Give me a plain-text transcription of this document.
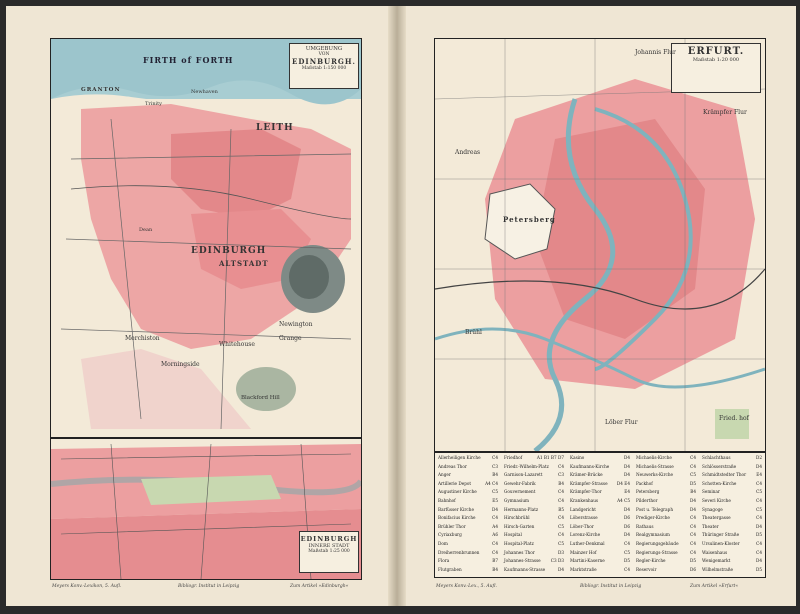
FIRTH of FORTH
UMGEBUNG
VON
EDINBURGH.
Maßstab 1:150 000
GRANTON	Newhaven
Trinity
LEITH
EDINBURGH
ALTSTADT
Dean
Newington
Merchiston
Whitehouse
Grange
Morningside
Blackford Hill
EDINBURGH
INNERE STADT
Maßstab 1:25 000
Meyers Konv.-Lexikon, 5. Aufl.	Bibliogr. Institut in Leipzig	Zum Artikel »Edinburgh«
ERFURT.
Maßstab 1:20 000
Petersberg
Andreas
Johannis Flur
Krämpfer Flur
Brühl
Löber Flur
Fried. hof
Allerheiligen Kirche	C4
Andreas Thor	C3
Anger	B4
Artillerie Depot	A4 C4
Augustiner Kirche	C5
Bahnhof	E5
Barfüsser Kirche	D4
Bonifacius Kirche	C4
Brühler Thor	A4
Cyriaxburg	A6
Dom	C4
Dreiherrenbrunnen	C4
Flora	B7
Flutgraben	B4
Friedhof	A1 B1 B7 D7
Friedr.-Wilhelm-Platz C4
Garnison-Lazarett	C3
Gewehr-Fabrik	B4
Gouvernement	C4
Gymnasium	C4
Hermanns-Platz	B5
Hirschbrühl	C4
Hirsch-Garten	C5
Hospital	C4
Hospital-Platz	C5
Johannes Thor	D3
Johannes-Strasse C3 D3
Kaufmanns-Strasse	D4
Kasino	D4
Kaufmanns-Kirche	D4
Krämer-Brücke	D4
Krämpfer-Strasse D4 E4
Krämpfer-Thor	E4
Krankenhaus	A4 C5
Landgericht	D4
Löberstrasse	D6
Löber-Thor	D6
Lorenz-Kirche	D4
Luther-Denkmal	C4
Mainzer Hof	C5
Martini-Kaserne	D5
Marktstraße	C4
Michaelis-Kirche	C4
Michaelis-Strasse	C4
Neuwerks-Kirche	C5
Packhof	D5
Petersberg	B4
Pilderthor	D4
Post u. Telegraph	D4
Prediger-Kirche	C4
Rathaus	C4
Realgymnasium	C4
Regierungsgebäude	C4
Regierungs-Strasse	C4
Regler-Kirche	D5
Reservoir	D6
Schlachthaus	D2
Schlösserstraße	D4
Schmidtstedter Thor E4
Schotten-Kirche	C4
Seminar	C5
Severi Kirche	C4
Synagoge	C5
Theatergasse	C4
Theater	D4
Thüringer Straße	D5
Ursulinen-Kloster	C4
Waisenhaus	C4
Wenigemarkt	D4
Wilhelmstraße	D5
Meyers Konv.-Lex., 5. Aufl.	Bibliogr. Institut in Leipzig	Zum Artikel »Erfurt«
